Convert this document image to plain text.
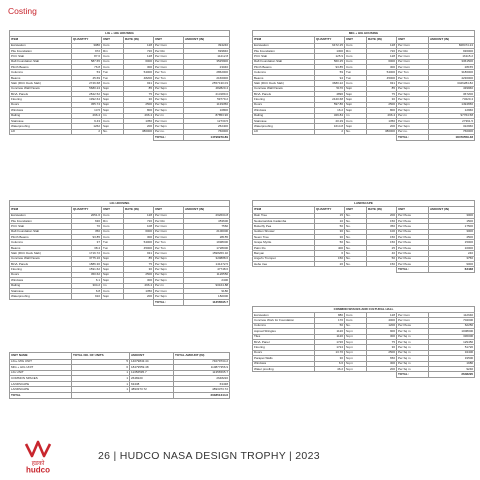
Costing
LIG + HIG HOUSING					
ITEM	QUANTITY	UNIT	RATE (IN)	UNIT	AMOUNT (IN)
Excavation	3080	Cum	128	Per Cum	394240
Pile Foundation	972	Rm	720	Per Rm	699840
PCC Slab	87.6	Cum	128	Per Cum	11212.8
Raft Foundation Slab	587.65	Cum	6000	Per Cum	3525900
Plinth Beams	76.8	Cum	300	Per Cum	23040
Columns	53	Tun	54000	Per Tun	2862000
Beams	45.69	Tun	48200	Per Tun	2166000
Slab (RCC Deck Slab)	2746.68	Cum	931	Per Cum	2557130.03
Concrete Wall Panels	5680.24	Sqm	85	Per Sqm	482820.4
BLVL Panels	2842.52	Sqm	75	Per Sqm	213189.0
Flooring	1992.64	Sqm	30	Per Sqm	59779.2
Doors	455.74	Sqm	2500	Per Sqm	1139350
Windows	13.5	Sqm	800	Per Sqm	10800
Railing	296.4	rm	296.4	Per rm	87853.96
Staircase	9.43	Cum	1350	Per Cum	12730.5
Waterproofing	1262	Sqm	200	Per Sqm	252400
Lift	2	No.	380000	Per no.	760000
				TOTAL:	14796979.89
MIG + HIG HOUSING					
ITEM	QUANTITY	UNIT	RATE (IN)	UNIT	AMOUNT (IN)
Excavation	6472.25	Cum	128	Per Cum	828474.24
Pile Foundation	1300	Rm	720	Per Rm	936000
PCC Slab	125.9	Cum	128	Per Cum	16115.2
Raft Foundation Slab	560.25	Cum	6000	Per Cum	3361500
Plinth Beams	93.85	Cum	300	Per Cum	28155
Columns	59	Tun	54000	Per Tun	3186000
Beams	94	Tun	45000	Per Tun	4230000
Slab (RCC Deck Slab)	3680.22	Cum	931	Per Cum	3426284.82
Concrete Wall Panels	5176	Sqm	85	Per Sqm	439960
BLVL Panels	4896	Sqm	75	Per Sqm	367200
Flooring	2440.68	Sqm	30	Per Sqm	73220.4
Doors	597.86	Sqm	2500	Per Sqm	1494650
Windows	16.2	Sqm	800	Per Sqm	12960
Railing	329.84	rm	296.4	Per rm	97764.58
Staircase	20.29	Cum	1350	Per Cum	27391.5
Waterproofing	1614.8	Sqm	200	Per Sqm	322960
Lift	2	No.	380000	Per no.	760000
				TOTAL:	18479559.48
LIG HOUSING					
ITEM	QUANTITY	UNIT	RATE (IN)	UNIT	AMOUNT (IN)
Excavation	2051.6	Cum	128	Per Cum	262604.8
Pile Foundation	630	Rm	720	Per Rm	453600
PCC Slab	70	Cum	108	Per Cum	7560
Raft Foundation Slab	350	Cum	6000	Per Cum	2100000
Plinth Beams	93.85	Cum	300	Per Cum	28155
Columns	37	Tun	54000	Per Tun	1998000
Beams	38.4	Tun	45000	Per Tun	1728000
Slab (RCC Deck Slab)	1716.72	Cum	931	Per Cum	1598266.32
Concrete Wall Panels	3775.16	Sqm	85	Per Sqm	320888.6
BLVL Panels	1886.30	Sqm	75	Per Sqm	141472.5
Flooring	1591.62	Sqm	30	Per Sqm	47748.6
Doors	450.62	Sqm	2500	Per Sqm	1126550
Windows	6.1	Sqm	300	Per Sqm	2400
Railing	304.2	rm	296.4	Per rm	90164.88
Staircase	6.8	Cum	1350	Per Cum	9180
Waterproofing	910	Sqm	200	Per Sqm	182000
				TOTAL:	11356595.7
UNIT NAME	TOTAL NO. OF UNITS	AMOUNT	TOTAL AMOUNT (IN)
LIG+ MIG UNIT	5	14079843.44	74079734.2
MIG + HIG UNIT	6	18479559.48	110877356.9
LIG UNIT	1	11356595.7	11356595.7
COMMON SPACES	1	2648220	2648220
LANDSCAPE	1	63438	63438
LANDSCAPE	1	4893373.72	4893373.72
TOTAL			203851344.6
LANDSCAPE					
ITEM	QUANTITY	UNIT	RATE (IN)	UNIT	AMOUNT (IN)
Rain Tree	15	No.	200	Per Piece	3000
Neolamarckia Cadamba	10	No.	150	Per Piece	1500
Butterfly Pea	50	No.	350	Per Piece	17500
Golden Shower	30	No.	100	Per Piece	3000
Neem Tree	30	No.	150	Per Piece	4500
Grape Myrtle	50	No.	150	Per Piece	15000
Palm Ro	400	No.	25	Per Piece	10000
Banyan	6	No.	40	Per Piece	240
Angel's Trumpet	150	No.	50	Per Piece	3750
Hebe tree	26	No.	150	Per Piece	9000
				TOTAL:	63438
COMMON SPACES AND CULTURAL HALL					
Excavation	880	Cum	128	Per Cum	112640
Concrete Work for Foundation	170	Cum	4000	Per Cum	704000
Columns	50	No.	1200	Per Piece	62250
Aqmad Shingles	1120	Sq m	900	Per Sq m	1008000
Tiles	1120	Sq m	300	Per Sq m	336000
BLVL Panel	1726	Sq m	75	Per Sq m	129450
Flooring	1724	Sq m	30	Per Sq m	51720
Doors	13.76	Sq m	2500	Per Sq m	34400
Parapet Walls	30	Sq m	650	Per Sq m	19500
Windows	6.6	Sq m	300	Per Sq m	1980
Water proofing	46.2	Sq m	200	Per Sq m	9240
				TOTAL:	2648220
हडको
hudco
26 | HUDCO NASA DESIGN TROPHY | 2023
